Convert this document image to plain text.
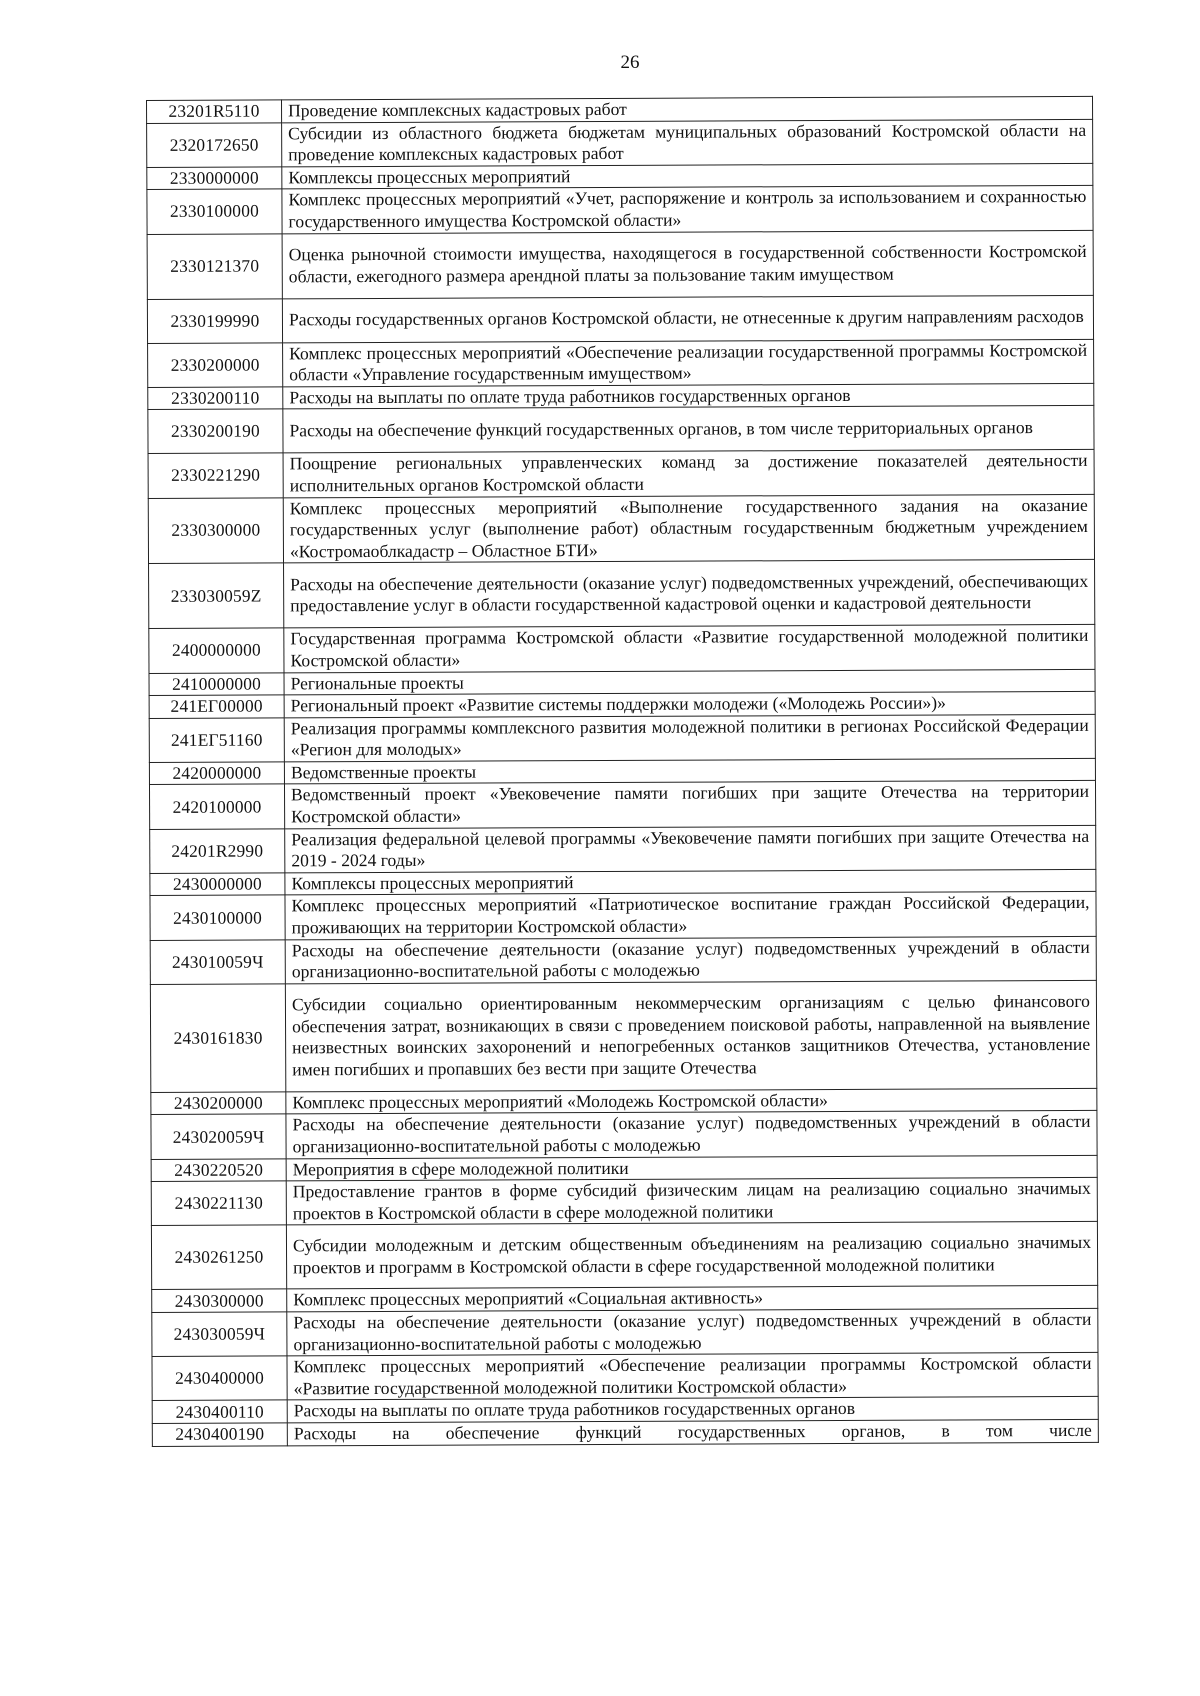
26
23201R5110	Проведение комплексных кадастровых работ
2320172650	Субсидии из областного бюджета бюджетам муниципальных образований Костромской области на проведение комплексных кадастровых работ
2330000000	Комплексы процессных мероприятий
2330100000	Комплекс процессных мероприятий «Учет, распоряжение и контроль за использованием и сохранностью государственного имущества Костромской области»
2330121370	Оценка рыночной стоимости имущества, находящегося в государственной собственности Костромской области, ежегодного размера арендной платы за пользование таким имуществом
2330199990	Расходы государственных органов Костромской области, не отнесенные к другим направлениям расходов
2330200000	Комплекс процессных мероприятий «Обеспечение реализации государственной программы Костромской области «Управление государственным имуществом»
2330200110	Расходы на выплаты по оплате труда работников государственных органов
2330200190	Расходы на обеспечение функций государственных органов, в том числе территориальных органов
2330221290	Поощрение региональных управленческих команд за достижение показателей деятельности исполнительных органов Костромской области
2330300000	Комплекс процессных мероприятий «Выполнение государственного задания на оказание государственных услуг (выполнение работ) областным государственным бюджетным учреждением «Костромаоблкадастр – Областное БТИ»
233030059Z	Расходы на обеспечение деятельности (оказание услуг) подведомственных учреждений, обеспечивающих предоставление услуг в области государственной кадастровой оценки и кадастровой деятельности
2400000000	Государственная программа Костромской области «Развитие государственной молодежной политики Костромской области»
2410000000	Региональные проекты
241ЕГ00000	Региональный проект «Развитие системы поддержки молодежи («Молодежь России»)»
241ЕГ51160	Реализация программы комплексного развития молодежной политики в регионах Российской Федерации «Регион для молодых»
2420000000	Ведомственные проекты
2420100000	Ведомственный проект «Увековечение памяти погибших при защите Отечества на территории Костромской области»
24201R2990	Реализация федеральной целевой программы «Увековечение памяти погибших при защите Отечества на 2019 - 2024 годы»
2430000000	Комплексы процессных мероприятий
2430100000	Комплекс процессных мероприятий «Патриотическое воспитание граждан Российской Федерации, проживающих на территории Костромской области»
243010059Ч	Расходы на обеспечение деятельности (оказание услуг) подведомственных учреждений в области организационно-воспитательной работы с молодежью
2430161830	Субсидии социально ориентированным некоммерческим организациям с целью финансового обеспечения затрат, возникающих в связи с проведением поисковой работы, направленной на выявление неизвестных воинских захоронений и непогребенных останков защитников Отечества, установление имен погибших и пропавших без вести при защите Отечества
2430200000	Комплекс процессных мероприятий «Молодежь Костромской области»
243020059Ч	Расходы на обеспечение деятельности (оказание услуг) подведомственных учреждений в области организационно-воспитательной работы с молодежью
2430220520	Мероприятия в сфере молодежной политики
2430221130	Предоставление грантов в форме субсидий физическим лицам на реализацию социально значимых проектов в Костромской области в сфере молодежной политики
2430261250	Субсидии молодежным и детским общественным объединениям на реализацию социально значимых проектов и программ в Костромской области в сфере государственной молодежной политики
2430300000	Комплекс процессных мероприятий «Социальная активность»
243030059Ч	Расходы на обеспечение деятельности (оказание услуг) подведомственных учреждений в области организационно-воспитательной работы с молодежью
2430400000	Комплекс процессных мероприятий «Обеспечение реализации программы Костромской области «Развитие государственной молодежной политики Костромской области»
2430400110	Расходы на выплаты по оплате труда работников государственных органов
2430400190	Расходы на обеспечение функций государственных органов, в том числе
